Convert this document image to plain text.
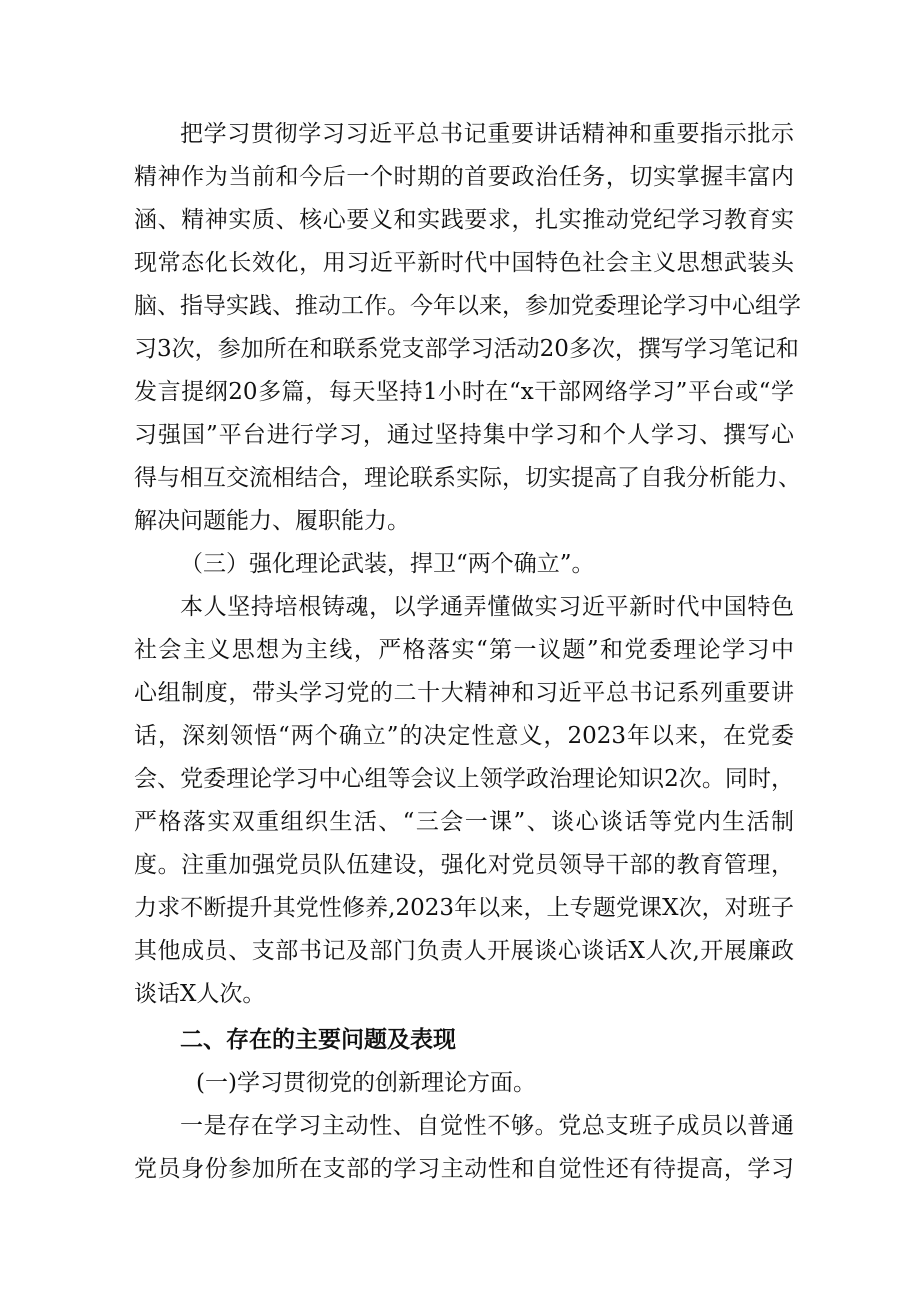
把学习贯彻学习习近平总书记重要讲话精神和重要指示批示
精神作为当前和今后一个时期的首要政治任务，切实掌握丰富内
涵、精神实质、核心要义和实践要求，扎实推动党纪学习教育实
现常态化长效化，用习近平新时代中国特色社会主义思想武装头
脑、指导实践、推动工作。今年以来，参加党委理论学习中心组学
习3次，参加所在和联系党支部学习活动20多次，撰写学习笔记和
发言提纲20多篇，每天坚持1小时在“x干部网络学习”平台或“学
习强国”平台进行学习，通过坚持集中学习和个人学习、撰写心
得与相互交流相结合，理论联系实际，切实提高了自我分析能力、
解决问题能力、履职能力。
（三）强化理论武装，捍卫“两个确立”。
本人坚持培根铸魂，以学通弄懂做实习近平新时代中国特色
社会主义思想为主线，严格落实“第一议题”和党委理论学习中
心组制度，带头学习党的二十大精神和习近平总书记系列重要讲
话，深刻领悟“两个确立”的决定性意义，2023年以来，在党委
会、党委理论学习中心组等会议上领学政治理论知识2次。同时，
严格落实双重组织生活、“三会一课”、谈心谈话等党内生活制
度。注重加强党员队伍建设，强化对党员领导干部的教育管理，
力求不断提升其党性修养,2023年以来，上专题党课X次，对班子
其他成员、支部书记及部门负责人开展谈心谈话X人次,开展廉政
谈话X人次。
二、存在的主要问题及表现
(一)学习贯彻党的创新理论方面。
一是存在学习主动性、自觉性不够。党总支班子成员以普通
党员身份参加所在支部的学习主动性和自觉性还有待提高，学习
